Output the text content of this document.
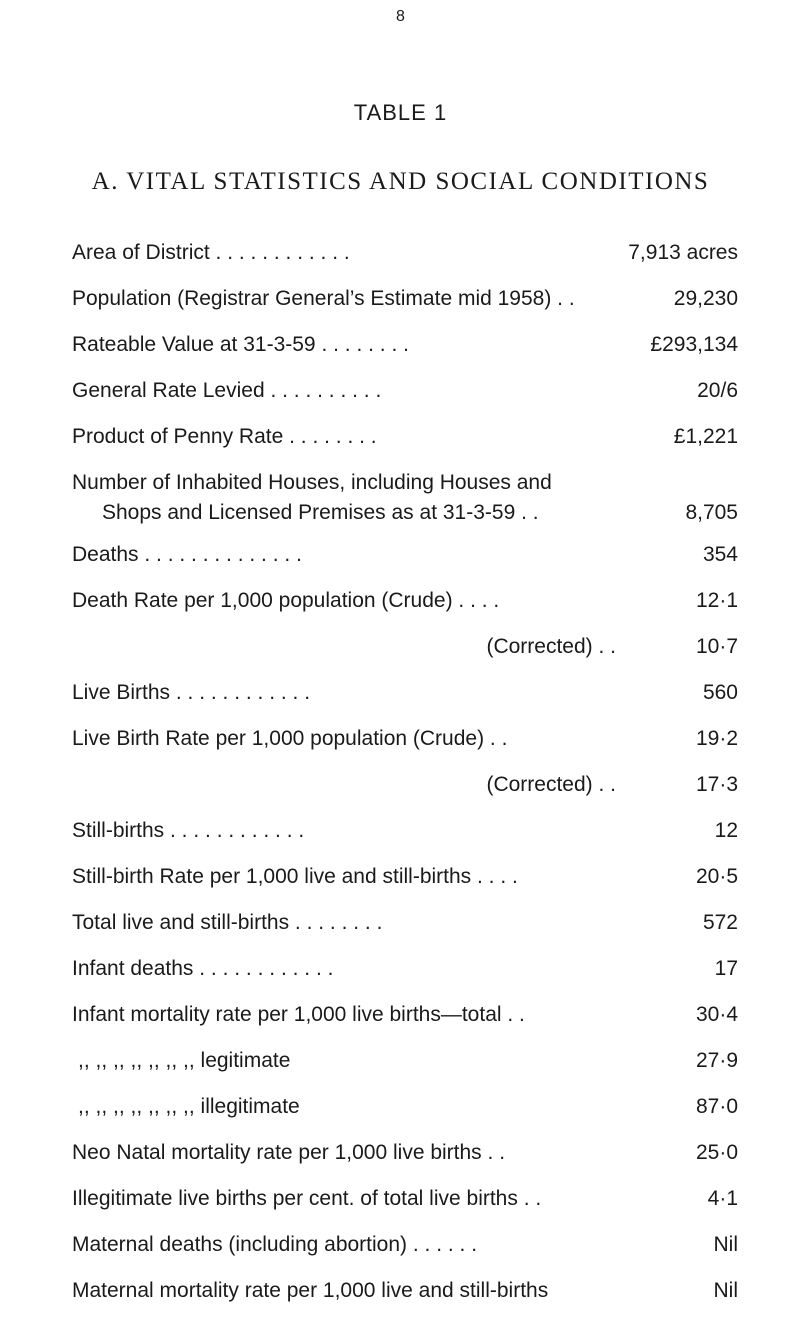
8
TABLE 1
A. VITAL STATISTICS AND SOCIAL CONDITIONS
Area of District . . . . . . . . . . . .	7,913 acres
Population (Registrar General’s Estimate mid 1958) . .	29,230
Rateable Value at 31-3-59 . . . . . . . .	£293,134
General Rate Levied . . . . . . . . . .	20/6
Product of Penny Rate . . . . . . . .	£1,221
Number of Inhabited Houses, including Houses and
Shops and Licensed Premises as at 31-3-59 . .	8,705
Deaths . . . . . . . . . . . . . .	354
Death Rate per 1,000 population (Crude) . . . .	12·1
(Corrected) . .	10·7
Live Births . . . . . . . . . . . .	560
Live Birth Rate per 1,000 population (Crude) . .	19·2
(Corrected) . .	17·3
Still-births . . . . . . . . . . . .	12
Still-birth Rate per 1,000 live and still-births . . . .	20·5
Total live and still-births . . . . . . . .	572
Infant deaths . . . . . . . . . . . .	17
Infant mortality rate per 1,000 live births—total . .	30·4
,, ,, ,, ,, ,, ,, ,, legitimate	27·9
,, ,, ,, ,, ,, ,, ,, illegitimate	87·0
Neo Natal mortality rate per 1,000 live births . .	25·0
Illegitimate live births per cent. of total live births . .	4·1
Maternal deaths (including abortion) . . . . . .	Nil
Maternal mortality rate per 1,000 live and still-births	Nil
